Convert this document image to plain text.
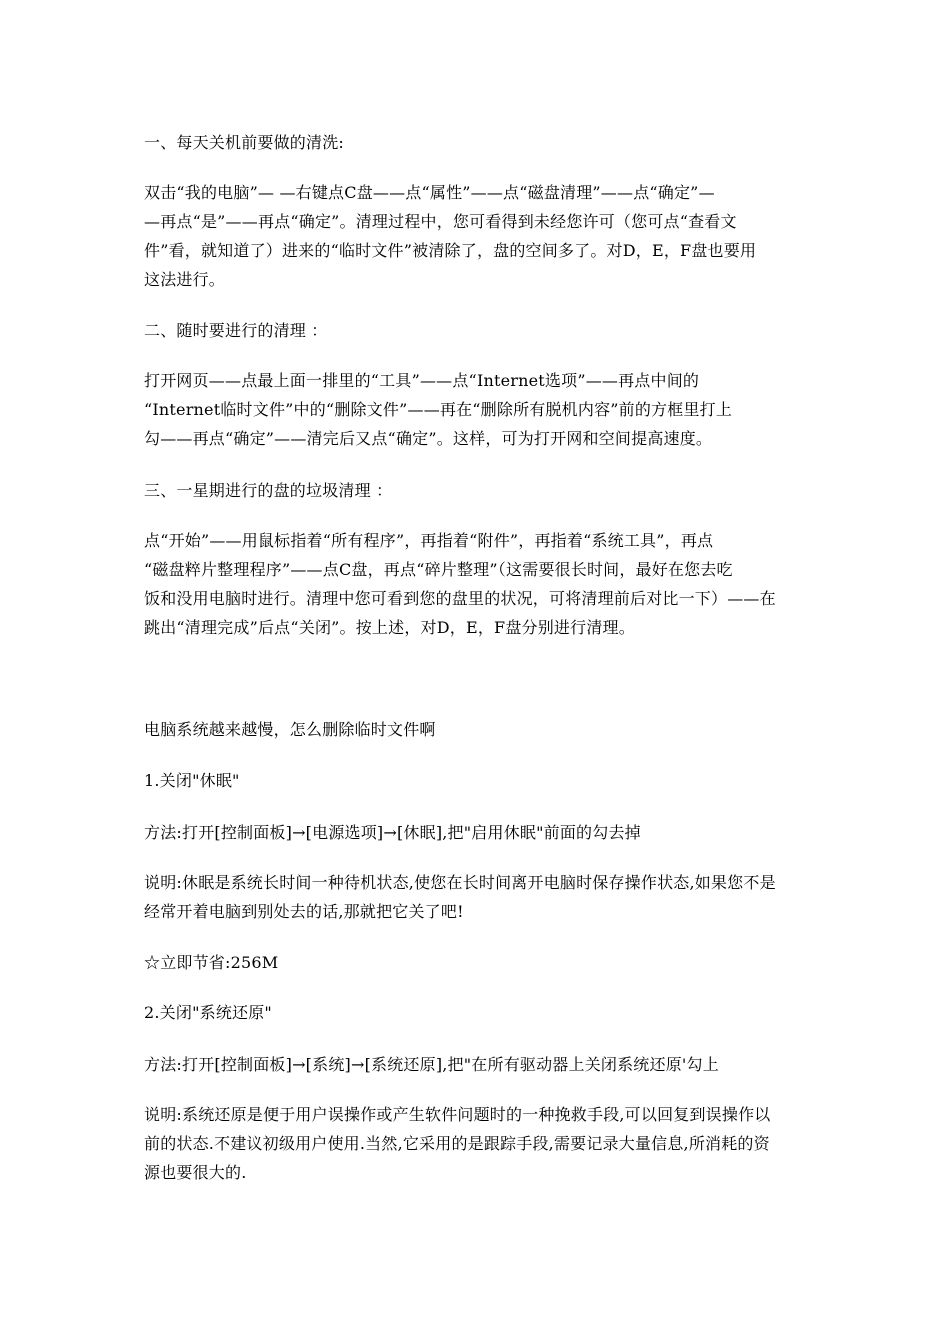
一、每天关机前要做的清洗:

双击“我的电脑”— —右键点C盘——点“属性”——点“磁盘清理”——点“确定”—
—再点“是”——再点“确定”。清理过程中，您可看得到未经您许可（您可点“查看文
件”看，就知道了）进来的“临时文件”被清除了，盘的空间多了。对D，E，F盘也要用
这法进行。

二、随时要进行的清理 ：

打开网页——点最上面一排里的“工具”——点“Internet选项”——再点中间的
“Internet临时文件”中的“删除文件”——再在“删除所有脱机内容”前的方框里打上
勾——再点“确定”——清完后又点“确定”。这样，可为打开网和空间提高速度。

三、一星期进行的盘的垃圾清理 ：

点“开始”——用鼠标指着“所有程序”，再指着“附件”，再指着“系统工具”，再点
“磁盘粹片整理程序”——点C盘，再点“碎片整理”（这需要很长时间，最好在您去吃
饭和没用电脑时进行。清理中您可看到您的盘里的状况，可将清理前后对比一下）——在
跳出“清理完成”后点“关闭”。按上述，对D，E，F盘分别进行清理。

电脑系统越来越慢，怎么删除临时文件啊

1.关闭"休眠"

方法:打开[控制面板]→[电源选项]→[休眠],把"启用休眠"前面的勾去掉

说明:休眠是系统长时间一种待机状态,使您在长时间离开电脑时保存操作状态,如果您不是
经常开着电脑到别处去的话,那就把它关了吧!

☆立即节省:256M

2.关闭"系统还原"

方法:打开[控制面板]→[系统]→[系统还原],把"在所有驱动器上关闭系统还原'勾上

说明:系统还原是便于用户误操作或产生软件问题时的一种挽救手段,可以回复到误操作以
前的状态.不建议初级用户使用.当然,它采用的是跟踪手段,需要记录大量信息,所消耗的资
源也要很大的.
